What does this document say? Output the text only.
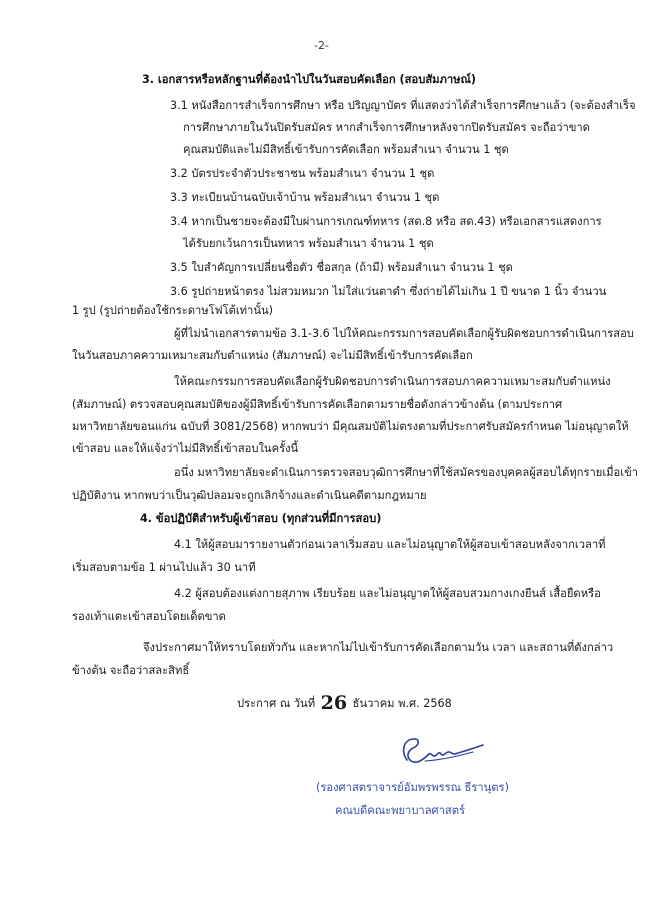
-2-
3. เอกสารหรือหลักฐานที่ต้องนำไปในวันสอบคัดเลือก (สอบสัมภาษณ์)
3.1 หนังสือการสำเร็จการศึกษา หรือ ปริญญาบัตร ที่แสดงว่าได้สำเร็จการศึกษาแล้ว (จะต้องสำเร็จ
การศึกษาภายในวันปิดรับสมัคร หากสำเร็จการศึกษาหลังจากปิดรับสมัคร จะถือว่าขาด
คุณสมบัติและไม่มีสิทธิ์เข้ารับการคัดเลือก พร้อมสำเนา จำนวน 1 ชุด
3.2 บัตรประจำตัวประชาชน พร้อมสำเนา จำนวน 1 ชุด
3.3 ทะเบียนบ้านฉบับเจ้าบ้าน พร้อมสำเนา จำนวน 1 ชุด
3.4 หากเป็นชายจะต้องมีใบผ่านการเกณฑ์ทหาร (สด.8 หรือ สด.43) หรือเอกสารแสดงการ
ได้รับยกเว้นการเป็นทหาร พร้อมสำเนา จำนวน 1 ชุด
3.5 ใบสำคัญการเปลี่ยนชื่อตัว ชื่อสกุล (ถ้ามี) พร้อมสำเนา จำนวน 1 ชุด
3.6 รูปถ่ายหน้าตรง ไม่สวมหมวก ไม่ใส่แว่นตาดำ ซึ่งถ่ายได้ไม่เกิน 1 ปี ขนาด 1 นิ้ว จำนวน
1 รูป (รูปถ่ายต้องใช้กระดาษโฟโต้เท่านั้น)
ผู้ที่ไม่นำเอกสารตามข้อ 3.1-3.6 ไปให้คณะกรรมการสอบคัดเลือกผู้รับผิดชอบการดำเนินการสอบ
ในวันสอบภาคความเหมาะสมกับตำแหน่ง (สัมภาษณ์) จะไม่มีสิทธิ์เข้ารับการคัดเลือก
ให้คณะกรรมการสอบคัดเลือกผู้รับผิดชอบการดำเนินการสอบภาคความเหมาะสมกับตำแหน่ง
(สัมภาษณ์) ตรวจสอบคุณสมบัติของผู้มีสิทธิ์เข้ารับการคัดเลือกตามรายชื่อดังกล่าวข้างต้น (ตามประกาศ
มหาวิทยาลัยขอนแก่น ฉบับที่ 3081/2568) หากพบว่า มีคุณสมบัติไม่ตรงตามที่ประกาศรับสมัครกำหนด ไม่อนุญาตให้
เข้าสอบ และให้แจ้งว่าไม่มีสิทธิ์เข้าสอบในครั้งนี้
อนึ่ง มหาวิทยาลัยจะดำเนินการตรวจสอบวุฒิการศึกษาที่ใช้สมัครของบุคคลผู้สอบได้ทุกรายเมื่อเข้า
ปฏิบัติงาน หากพบว่าเป็นวุฒิปลอมจะถูกเลิกจ้างและดำเนินคดีตามกฎหมาย
4. ข้อปฏิบัติสำหรับผู้เข้าสอบ (ทุกส่วนที่มีการสอบ)
4.1 ให้ผู้สอบมารายงานตัวก่อนเวลาเริ่มสอบ และไม่อนุญาตให้ผู้สอบเข้าสอบหลังจากเวลาที่
เริ่มสอบตามข้อ 1 ผ่านไปแล้ว 30 นาที
4.2 ผู้สอบต้องแต่งกายสุภาพ เรียบร้อย และไม่อนุญาตให้ผู้สอบสวมกางเกงยีนส์ เสื้อยืดหรือ
รองเท้าแตะเข้าสอบโดยเด็ดขาด
จึงประกาศมาให้ทราบโดยทั่วกัน และหากไม่ไปเข้ารับการคัดเลือกตามวัน เวลา และสถานที่ดังกล่าว
ข้างต้น จะถือว่าสละสิทธิ์
ประกาศ ณ วันที่ 26 ธันวาคม พ.ศ. 2568
(รองศาสตราจารย์อัมพรพรรณ ธีรานุตร)
คณบดีคณะพยาบาลศาสตร์
